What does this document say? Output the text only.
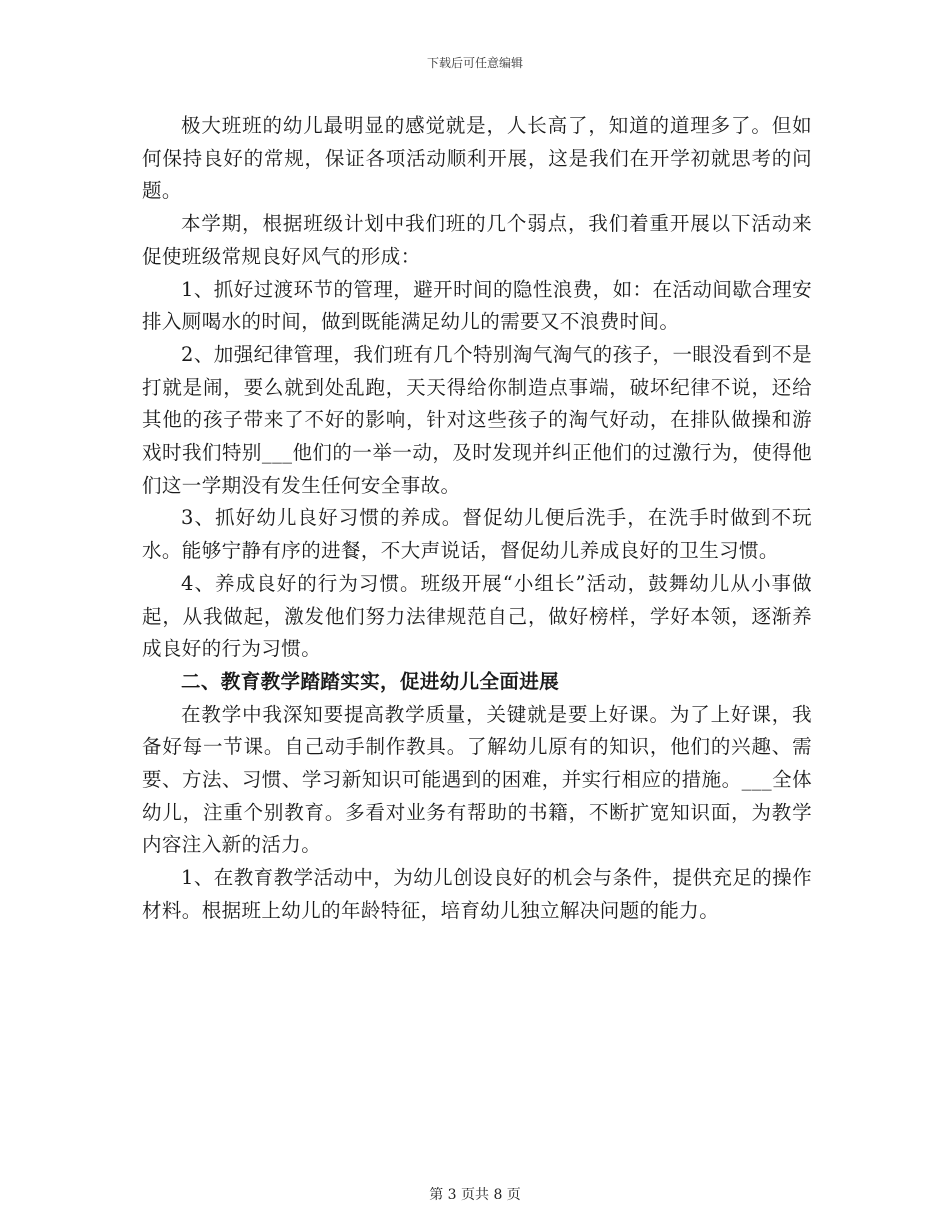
下载后可任意编辑

极大班班的幼儿最明显的感觉就是，人长高了，知道的道理多了。但如何保持良好的常规，保证各项活动顺利开展，这是我们在开学初就思考的问题。

本学期，根据班级计划中我们班的几个弱点，我们着重开展以下活动来促使班级常规良好风气的形成：

1、抓好过渡环节的管理，避开时间的隐性浪费，如：在活动间歇合理安排入厕喝水的时间，做到既能满足幼儿的需要又不浪费时间。

2、加强纪律管理，我们班有几个特别淘气淘气的孩子，一眼没看到不是打就是闹，要么就到处乱跑，天天得给你制造点事端，破坏纪律不说，还给其他的孩子带来了不好的影响，针对这些孩子的淘气好动，在排队做操和游戏时我们特别___他们的一举一动，及时发现并纠正他们的过激行为，使得他们这一学期没有发生任何安全事故。

3、抓好幼儿良好习惯的养成。督促幼儿便后洗手，在洗手时做到不玩水。能够宁静有序的进餐，不大声说话，督促幼儿养成良好的卫生习惯。

4、养成良好的行为习惯。班级开展“小组长”活动，鼓舞幼儿从小事做起，从我做起，激发他们努力法律规范自己，做好榜样，学好本领，逐渐养成良好的行为习惯。

二、教育教学踏踏实实，促进幼儿全面进展

在教学中我深知要提高教学质量，关键就是要上好课。为了上好课，我备好每一节课。自己动手制作教具。了解幼儿原有的知识，他们的兴趣、需要、方法、习惯、学习新知识可能遇到的困难，并实行相应的措施。___全体幼儿，注重个别教育。多看对业务有帮助的书籍，不断扩宽知识面，为教学内容注入新的活力。

1、在教育教学活动中，为幼儿创设良好的机会与条件，提供充足的操作材料。根据班上幼儿的年龄特征，培育幼儿独立解决问题的能力。

第 3 页共 8 页
